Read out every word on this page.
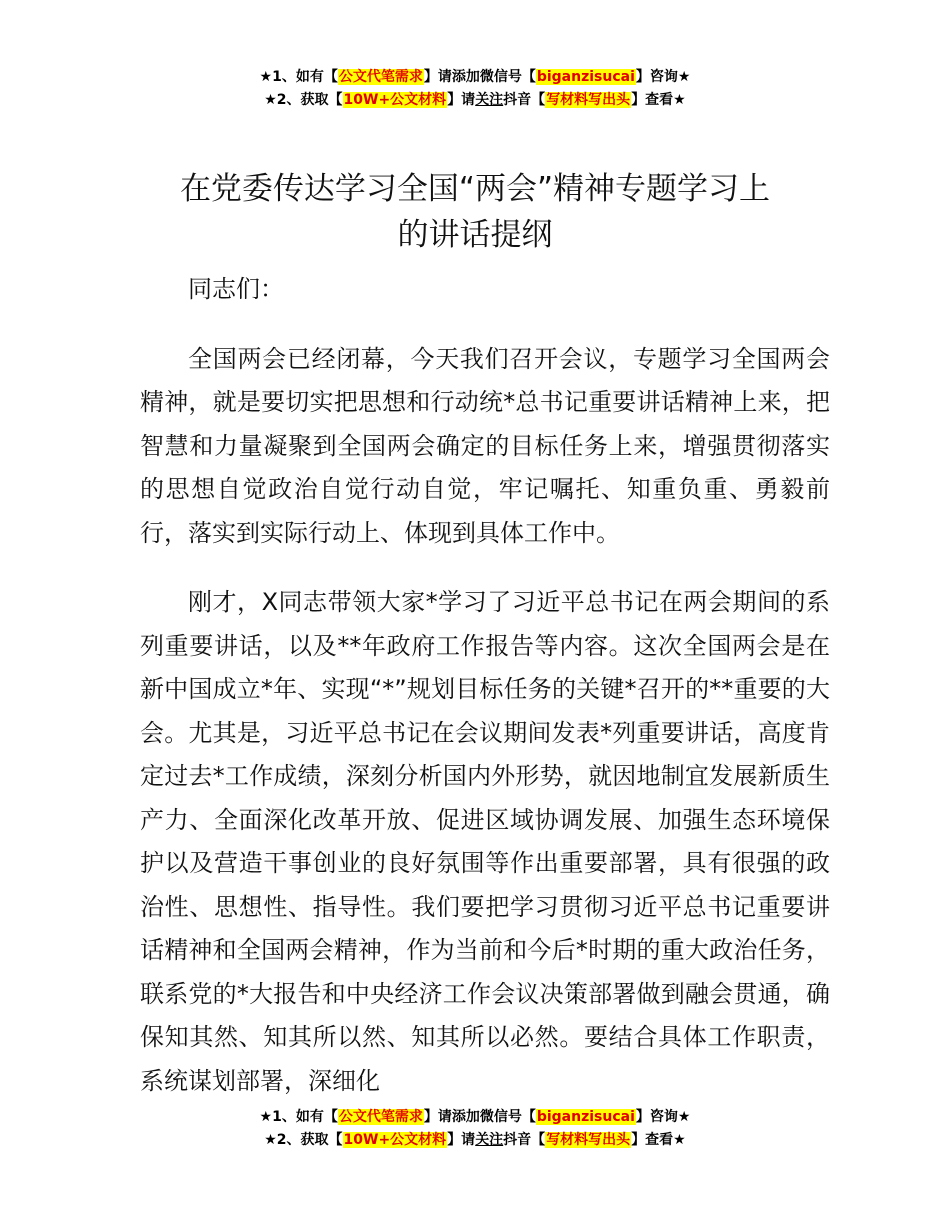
★1、如有【公文代笔需求】请添加微信号【biganzisucai】咨询★
★2、获取【10W+公文材料】请关注抖音【写材料写出头】查看★
在党委传达学习全国“两会”精神专题学习上
的讲话提纲

同志们：

全国两会已经闭幕，今天我们召开会议，专题学习全国两会精神，就是要切实把思想和行动统*总书记重要讲话精神上来，把智慧和力量凝聚到全国两会确定的目标任务上来，增强贯彻落实的思想自觉政治自觉行动自觉，牢记嘱托、知重负重、勇毅前行，落实到实际行动上、体现到具体工作中。

刚才，X同志带领大家*学习了习近平总书记在两会期间的系列重要讲话，以及**年政府工作报告等内容。这次全国两会是在新中国成立*年、实现“*”规划目标任务的关键*召开的**重要的大会。尤其是，习近平总书记在会议期间发表*列重要讲话，高度肯定过去*工作成绩，深刻分析国内外形势，就因地制宜发展新质生产力、全面深化改革开放、促进区域协调发展、加强生态环境保护以及营造干事创业的良好氛围等作出重要部署，具有很强的政治性、思想性、指导性。我们要把学习贯彻习近平总书记重要讲话精神和全国两会精神，作为当前和今后*时期的重大政治任务，联系党的*大报告和中央经济工作会议决策部署做到融会贯通，确保知其然、知其所以然、知其所以必然。要结合具体工作职责，系统谋划部署，深细化

★1、如有【公文代笔需求】请添加微信号【biganzisucai】咨询★
★2、获取【10W+公文材料】请关注抖音【写材料写出头】查看★
